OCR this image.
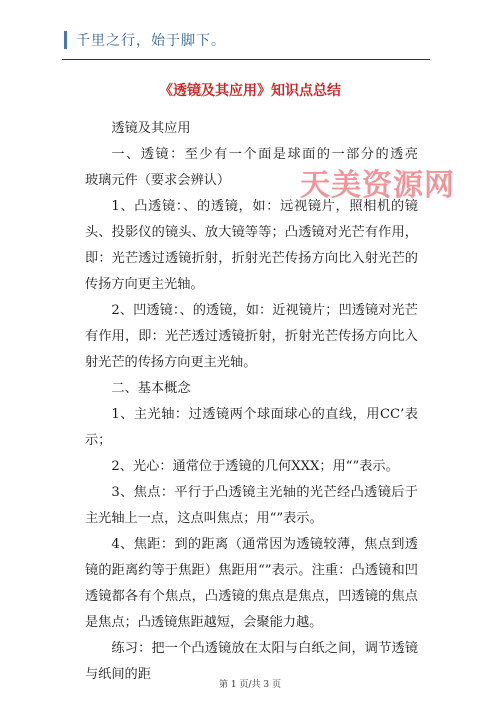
千里之行，始于脚下。
《透镜及其应用》知识点总结
天美资源网

透镜及其应用

一、透镜：至少有一个面是球面的一部分的透亮　　　　　　玻璃元件（要求会辨认）

1、凸透镜：、的透镜，如：远视镜片，照相机的镜头、投影仪的镜头、放大镜等等；凸透镜对光芒有作用，即：光芒透过透镜折射，折射光芒传扬方向比入射光芒的传扬方向更主光轴。

2、凹透镜：、的透镜，如：近视镜片；凹透镜对光芒有作用，即：光芒透过透镜折射，折射光芒传扬方向比入射光芒的传扬方向更主光轴。

二、基本概念

1、主光轴：过透镜两个球面球心的直线，用CC’表示；

2、光心：通常位于透镜的几何XXX；用“”表示。

3、焦点：平行于凸透镜主光轴的光芒经凸透镜后于主光轴上一点，这点叫焦点；用“”表示。

4、焦距：到的距离（通常因为透镜较薄，焦点到透镜的距离约等于焦距）焦距用“”表示。注重：凸透镜和凹透镜都各有个焦点，凸透镜的焦点是焦点，凹透镜的焦点是焦点；凸透镜焦距越短，会聚能力越。

练习：把一个凸透镜放在太阳与白纸之间，调节透镜与纸间的距

第 1 页/共 3 页
